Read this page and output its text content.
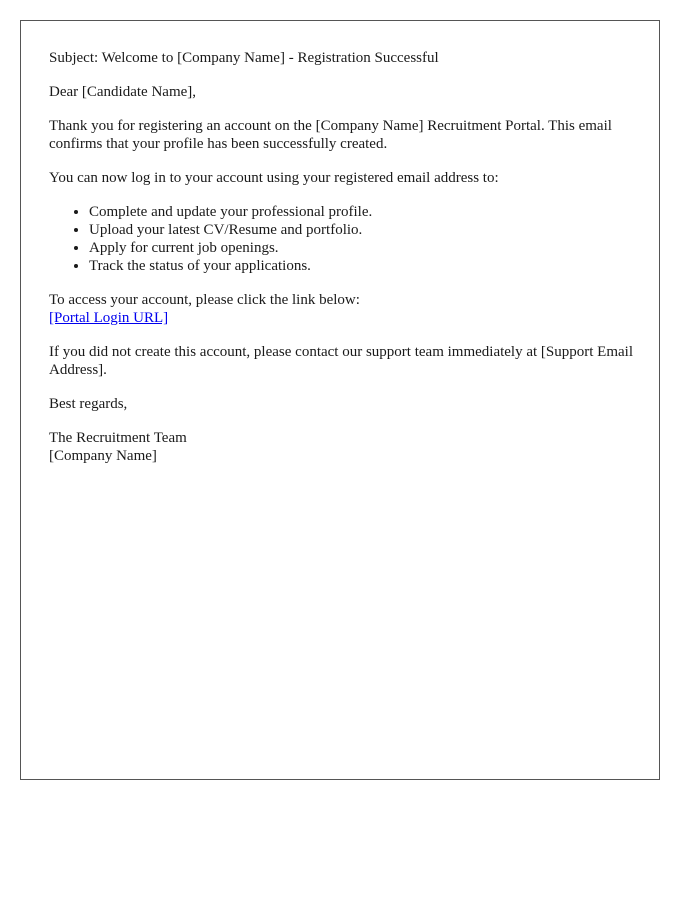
Subject: Welcome to [Company Name] - Registration Successful

Dear [Candidate Name],

Thank you for registering an account on the [Company Name] Recruitment Portal. This email confirms that your profile has been successfully created.

You can now log in to your account using your registered email address to:

• Complete and update your professional profile.
• Upload your latest CV/Resume and portfolio.
• Apply for current job openings.
• Track the status of your applications.

To access your account, please click the link below:
[Portal Login URL]

If you did not create this account, please contact our support team immediately at [Support Email Address].

Best regards,

The Recruitment Team
[Company Name]
